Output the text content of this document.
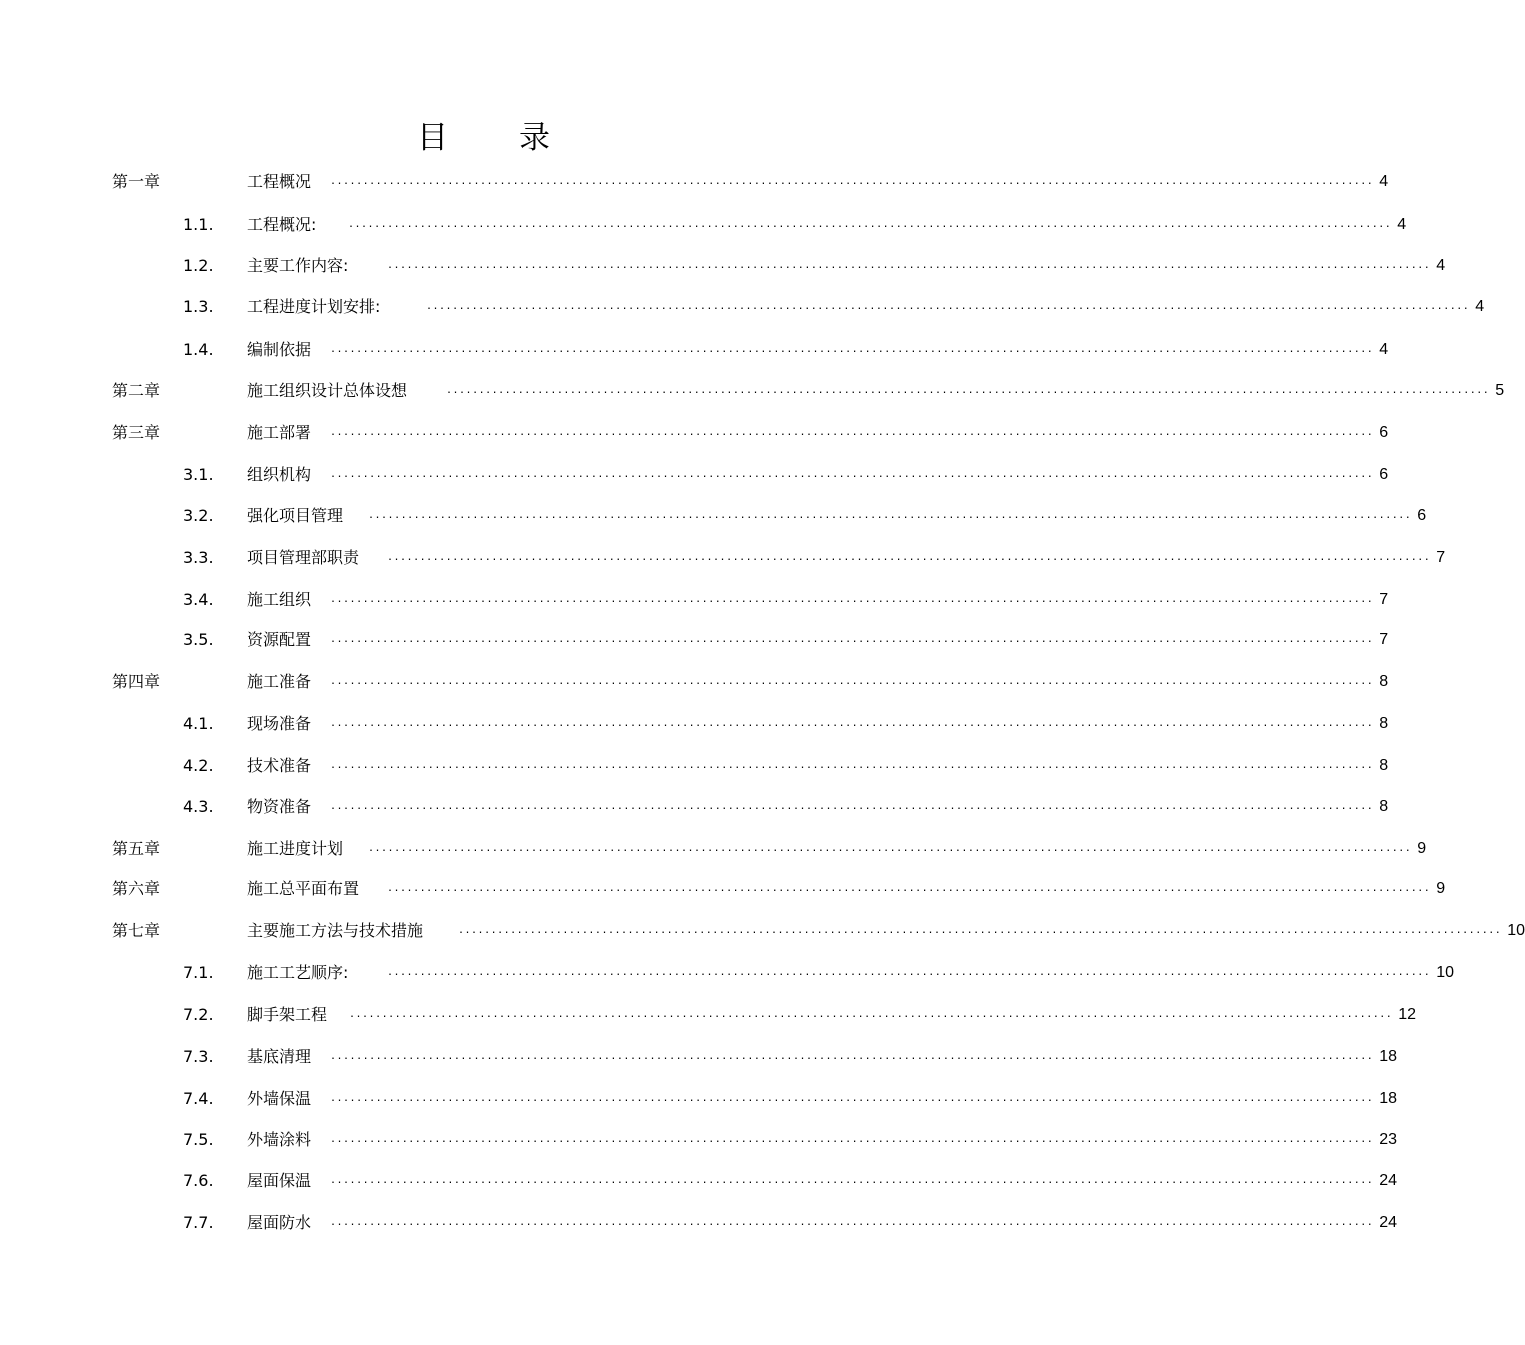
目 录
第一章	工程概况 ................................................................................................................................................................ 4
1.1. 工程概况:	................................................................................................................................................................ 4
1.2. 主要工作内容:	................................................................................................................................................................ 4
1.3. 工程进度计划安排:	................................................................................................................................................................ 4
1.4. 编制依据 ................................................................................................................................................................ 4
第二章	施工组织设计总体设想	................................................................................................................................................................ 5
第三章	施工部署 ................................................................................................................................................................ 6
3.1. 组织机构 ................................................................................................................................................................ 6
3.2. 强化项目管理 ................................................................................................................................................................ 6
3.3. 项目管理部职责	................................................................................................................................................................ 7
3.4. 施工组织 ................................................................................................................................................................ 7
3.5. 资源配置 ................................................................................................................................................................ 7
第四章	施工准备 ................................................................................................................................................................ 8
4.1. 现场准备 ................................................................................................................................................................ 8
4.2. 技术准备 ................................................................................................................................................................ 8
4.3. 物资准备 ................................................................................................................................................................ 8
第五章	施工进度计划 ................................................................................................................................................................ 9
第六章	施工总平面布置	................................................................................................................................................................ 9
第七章	主要施工方法与技术措施	................................................................................................................................................................ 10
7.1. 施工工艺顺序:	................................................................................................................................................................ 10
7.2. 脚手架工程 ................................................................................................................................................................ 12
7.3. 基底清理 ................................................................................................................................................................ 18
7.4. 外墙保温 ................................................................................................................................................................ 18
7.5. 外墙涂料 ................................................................................................................................................................ 23
7.6. 屋面保温 ................................................................................................................................................................ 24
7.7. 屋面防水 ................................................................................................................................................................ 24
